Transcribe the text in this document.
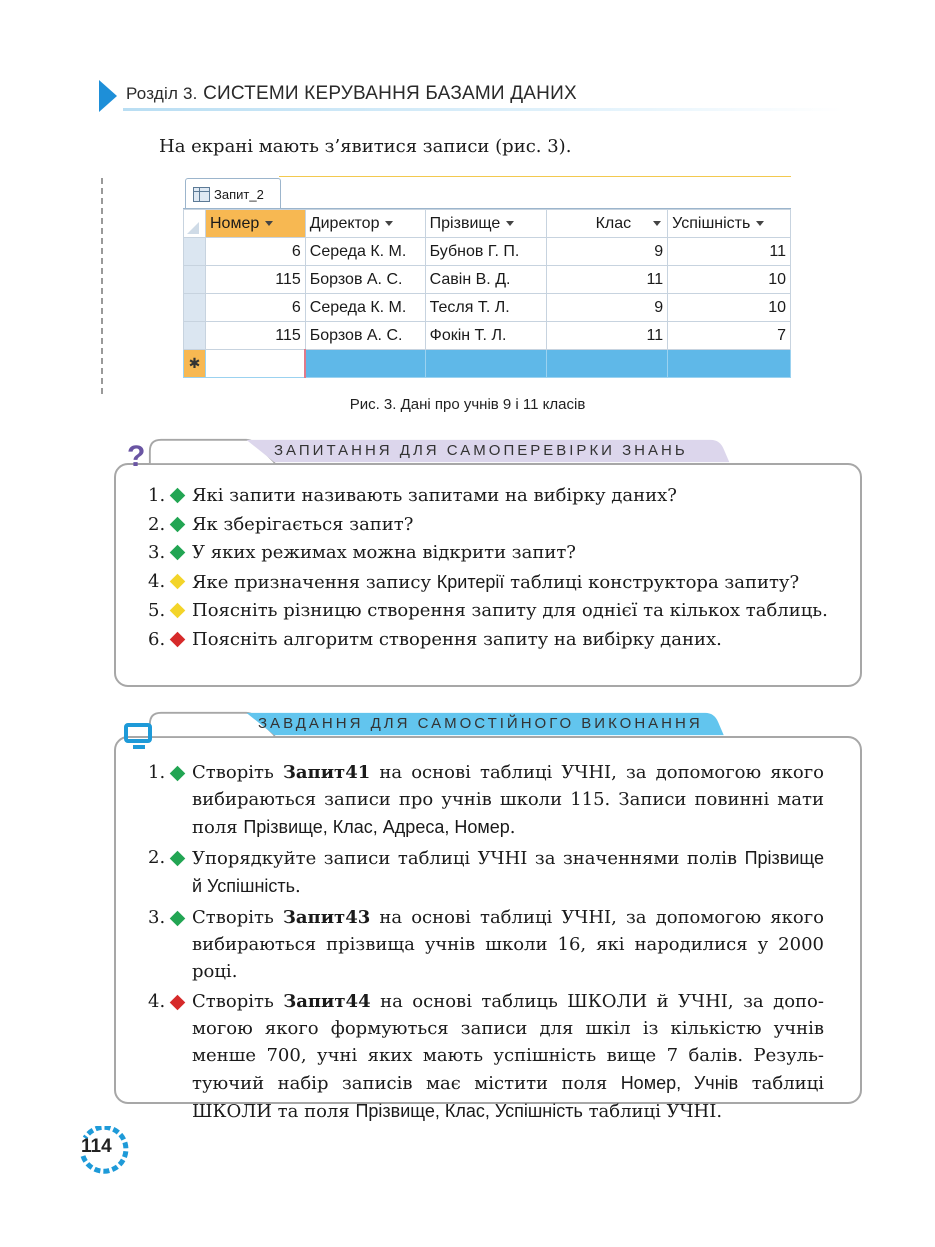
Розділ 3. СИСТЕМИ КЕРУВАННЯ БАЗАМИ ДАНИХ
На екрані мають з’явитися записи (рис. 3).
Запит_2
	Номер	Директор	Прізвище	Клас	Успішність
	6	Середа К. М.	Бубнов Г. П.	9	11
	115	Борзов А. С.	Савін В. Д.	11	10
	6	Середа К. М.	Тесля Т. Л.	9	10
	115	Борзов А. С.	Фокін Т. Л.	11	7
✱					
Рис. 3. Дані про учнів 9 і 11 класів
ЗАПИТАННЯ ДЛЯ САМОПЕРЕВІРКИ ЗНАНЬ
?
1. Які запити називають запитами на вибірку даних?
2. Як зберігається запит?
3. У яких режимах можна відкрити запит?
4. Яке призначення запису Критерії таблиці конструктора запиту?
5. Поясніть різницю створення запиту для однієї та кількох таблиць.
6. Поясніть алгоритм створення запиту на вибірку даних.
ЗАВДАННЯ ДЛЯ САМОСТІЙНОГО ВИКОНАННЯ
1. Створіть Запит41 на основі таблиці УЧНІ, за допомогою якого вибираються записи про учнів школи 115. Записи повинні мати поля Прізвище, Клас, Адреса, Номер.
2. Упорядкуйте записи таблиці УЧНІ за значеннями полів Прізвище й Успішність.
3. Створіть Запит43 на основі таблиці УЧНІ, за допомогою якого вибираються прізвища учнів школи 16, які народилися у 2000 році.
4. Створіть Запит44 на основі таблиць ШКОЛИ й УЧНІ, за допомогою якого формуються записи для шкіл із кількістю учнів менше 700, учні яких мають успішність вище 7 балів. Результуючий набір записів має містити поля Номер, Учнів таблиці ШКОЛИ та поля Прізвище, Клас, Успішність таблиці УЧНІ.
114
